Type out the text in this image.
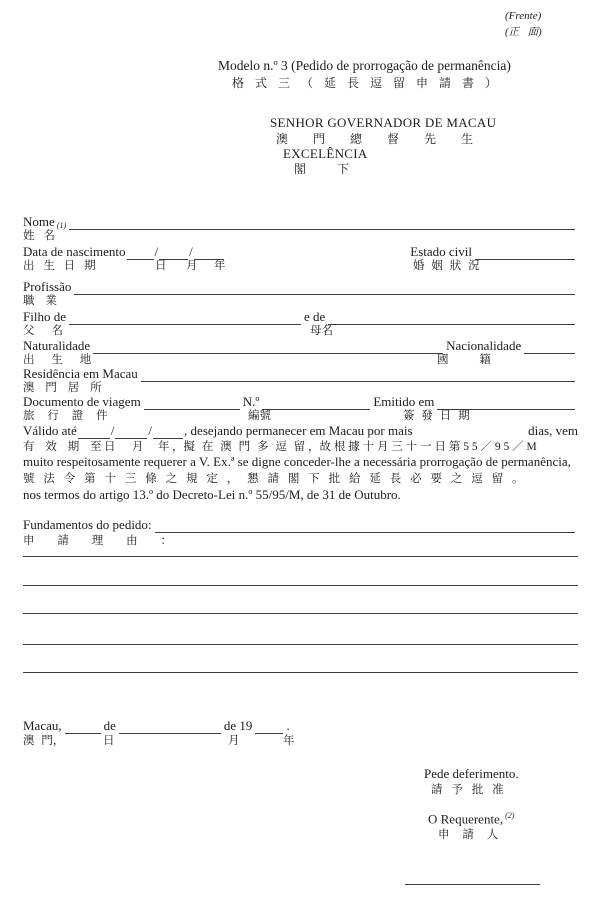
(Frente)
(正 面)
Modelo n.º 3 (Pedido de prorrogação de permanência)
格 式 三 （ 延 長 逗 留 申 請 書 ）
SENHOR GOVERNADOR DE MACAU
澳 門 總 督 先 生
EXCELÊNCIA
閣 下
Nome $_{(1)}$
姓 名
Data de nascimento / /	Estado civil
出 生 日 期	日 月 年	婚 姻 狀 況
Profissão
職 業
Filho de	e de
父 名	母名
Naturalidade	Nacionalidade
出 生 地	國 籍
Residência em Macau
澳 門 居 所
Documento de viagem	N.º	Emitido em
旅 行 證 件	編號	簽 發 日 期
Válido até	/	/ , desejando permanecer em Macau por mais	dias, vem
有 效 期 至 日 月 年 ，擬 在 澳 門 多 逗 留 ，故 根 據 十 月 三 十 一 日 第 5 5 ／ 9 5 ／ M
muito respeitosamente requerer a V. Ex.ª se digne conceder-lhe a necessária prorrogação de permanência,
號 法 令 第 十 三 條 之 規 定 ， 懇 請 閣 下 批 給 延 長 必 要 之 逗 留 。
nos termos do artigo 13.º do Decreto-Lei n.º 55/95/M, de 31 de Outubro.
Fundamentos do pedido:
申 請 理 由 ：
Macau,	de	de 19	.
澳 門，	日	月	年
Pede deferimento.
請 予 批 准
O Requerente, $^{(2)}$
申 請 人
